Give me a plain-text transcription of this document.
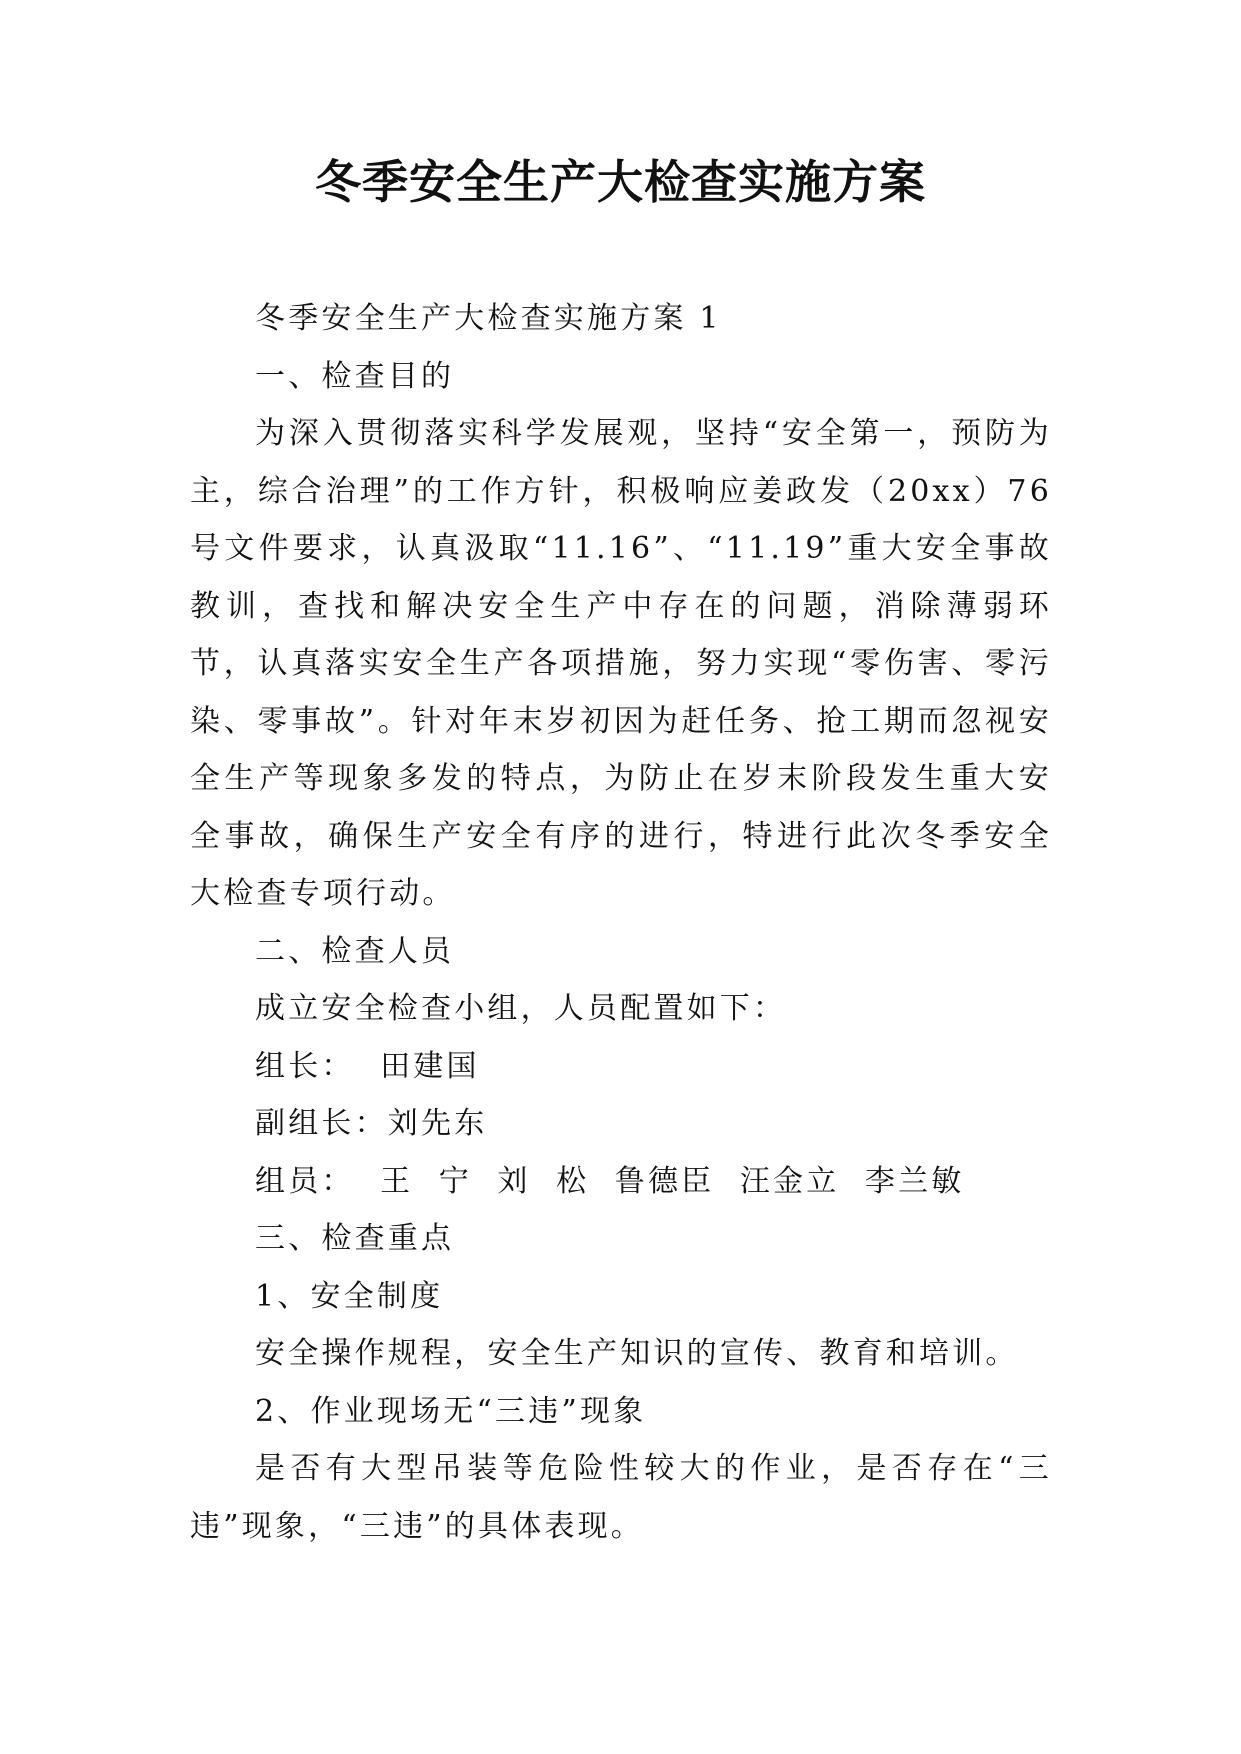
冬季安全生产大检查实施方案

冬季安全生产大检查实施方案 1

一、检查目的

为深入贯彻落实科学发展观，坚持“安全第一，预防为主，综合治理”的工作方针，积极响应姜政发（20xx）76 号文件要求，认真汲取“11.16”、“11.19”重大安全事故教训，查找和解决安全生产中存在的问题，消除薄弱环节，认真落实安全生产各项措施，努力实现“零伤害、零污染、零事故”。针对年末岁初因为赶任务、抢工期而忽视安全生产等现象多发的特点，为防止在岁末阶段发生重大安全事故，确保生产安全有序的进行，特进行此次冬季安全大检查专项行动。

二、检查人员

成立安全检查小组，人员配置如下：

组长：  田建国

副组长：刘先东

组员：  王  宁  刘  松  鲁德臣  汪金立  李兰敏

三、检查重点

1、安全制度

安全操作规程，安全生产知识的宣传、教育和培训。

2、作业现场无“三违”现象

是否有大型吊装等危险性较大的作业，是否存在“三违”现象，“三违”的具体表现。
